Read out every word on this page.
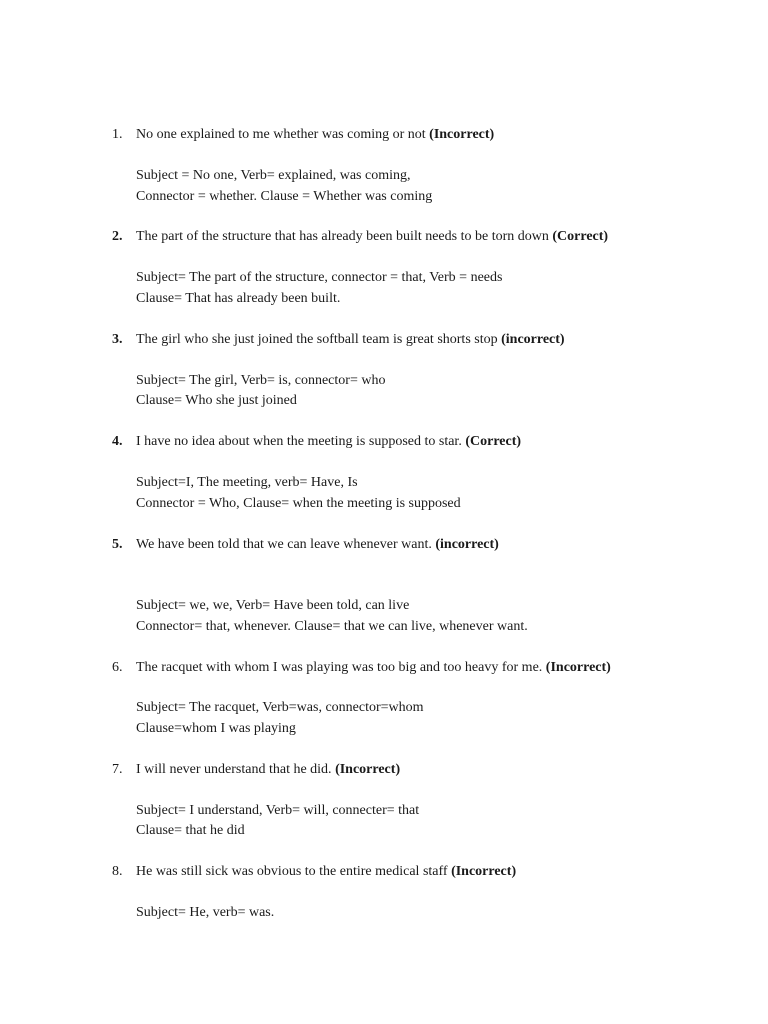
1. No one explained to me whether was coming or not (Incorrect)
Subject = No one, Verb= explained, was coming,
Connector = whether. Clause = Whether was coming
2. The part of the structure that has already been built needs to be torn down (Correct)
Subject= The part of the structure, connector = that, Verb = needs
Clause= That has already been built.
3. The girl who she just joined the softball team is great shorts stop (incorrect)
Subject= The girl, Verb= is, connector= who
Clause= Who she just joined
4. I have no idea about when the meeting is supposed to star. (Correct)
Subject=I, The meeting, verb= Have, Is
Connector = Who, Clause= when the meeting is supposed
5. We have been told that we can leave whenever want. (incorrect)
Subject= we, we, Verb= Have been told, can live
Connector= that, whenever. Clause= that we can live, whenever want.
6. The racquet with whom I was playing was too big and too heavy for me. (Incorrect)
Subject= The racquet, Verb=was, connector=whom
Clause=whom I was playing
7. I will never understand that he did. (Incorrect)
Subject= I understand, Verb= will, connecter= that
Clause= that he did
8. He was still sick was obvious to the entire medical staff (Incorrect)
Subject= He, verb= was.
